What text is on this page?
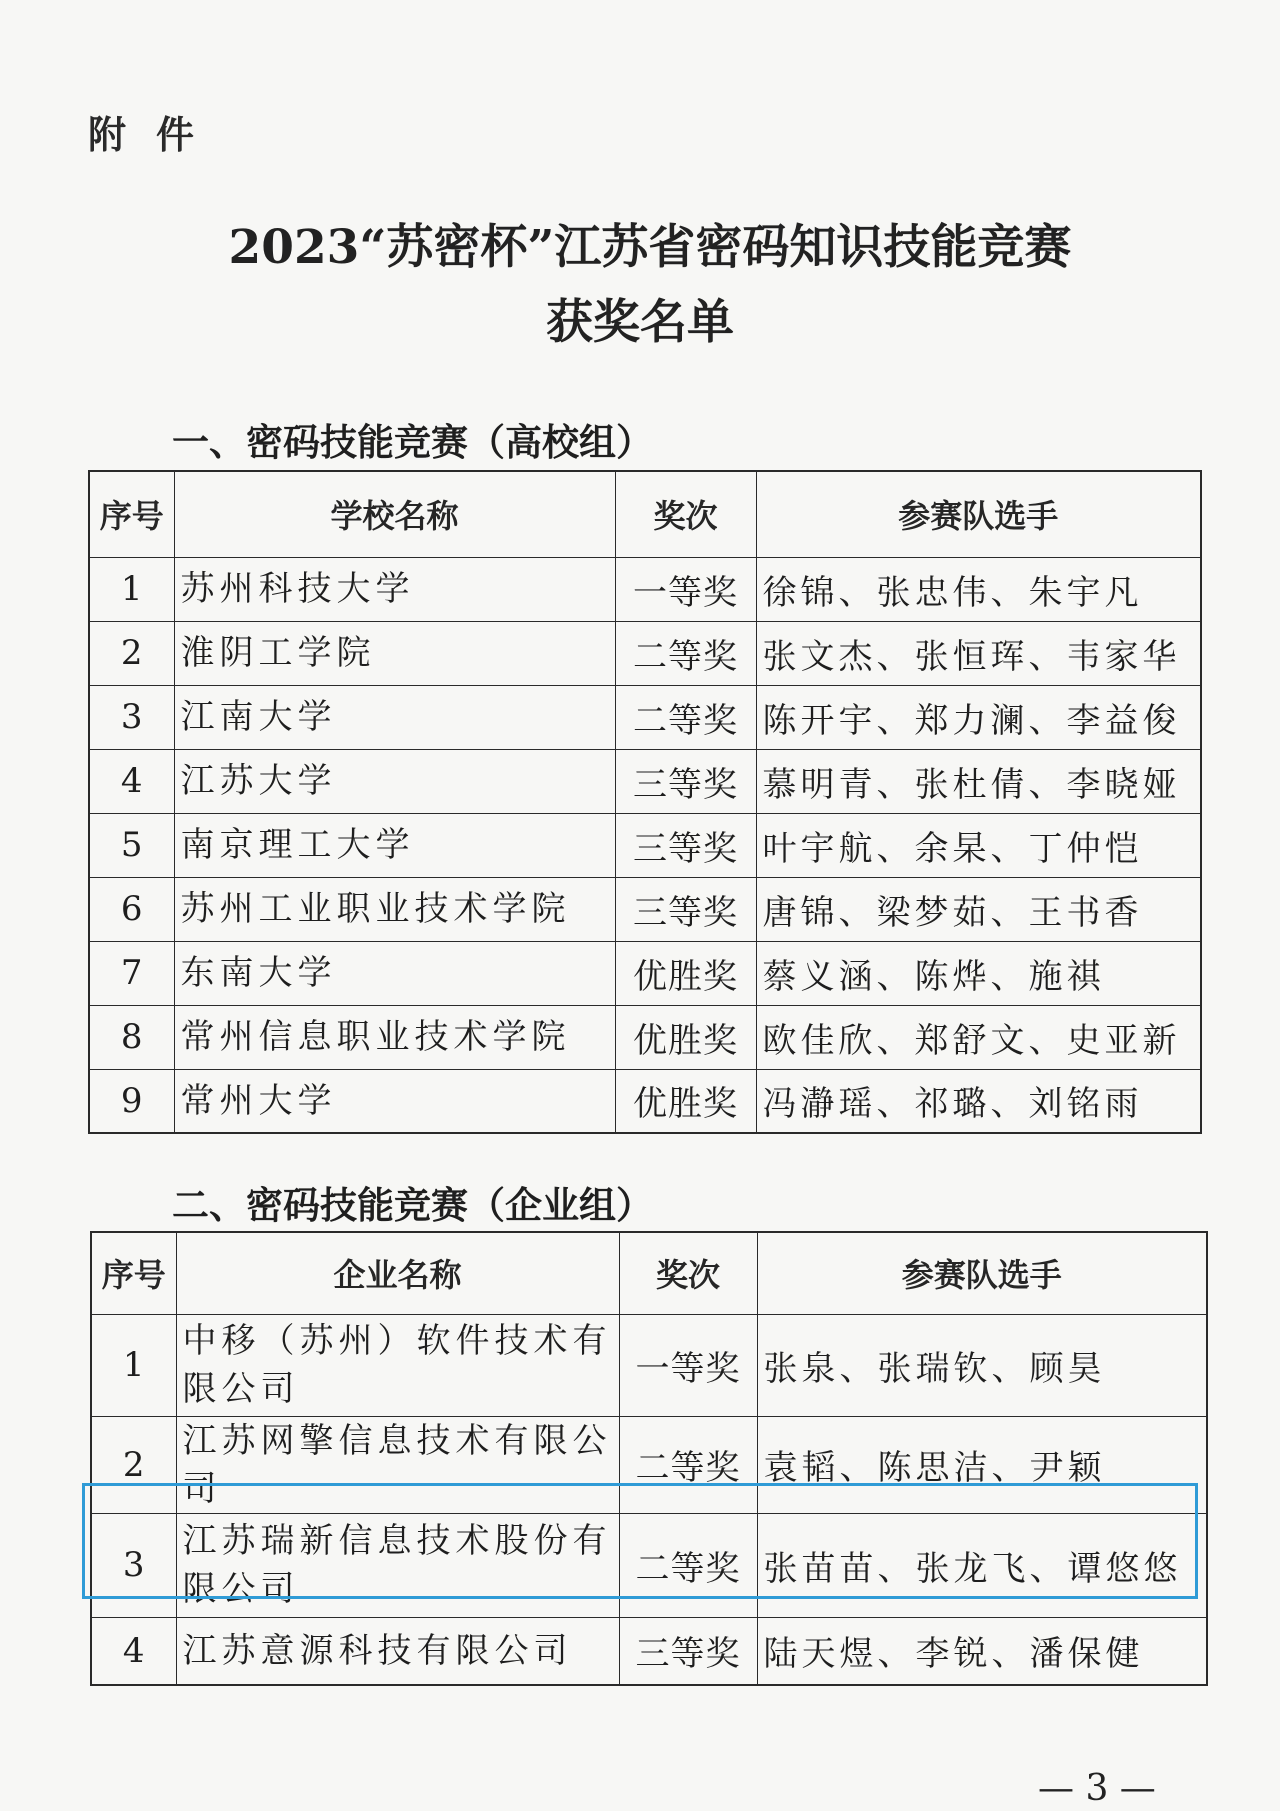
附件
2023“苏密杯”江苏省密码知识技能竞赛
获奖名单
一、密码技能竞赛（高校组）
序号	学校名称	奖次	参赛队选手
1	苏州科技大学	一等奖	徐锦、张忠伟、朱宇凡
2	淮阴工学院	二等奖	张文杰、张恒珲、韦家华
3	江南大学	二等奖	陈开宇、郑力澜、李益俊
4	江苏大学	三等奖	慕明青、张杜倩、李晓娅
5	南京理工大学	三等奖	叶宇航、余杲、丁仲恺
6	苏州工业职业技术学院	三等奖	唐锦、梁梦茹、王书香
7	东南大学	优胜奖	蔡义涵、陈烨、施祺
8	常州信息职业技术学院	优胜奖	欧佳欣、郑舒文、史亚新
9	常州大学	优胜奖	冯瀞瑶、祁璐、刘铭雨
二、密码技能竞赛（企业组）
序号	企业名称	奖次	参赛队选手
1	中移（苏州）软件技术有限公司	一等奖	张泉、张瑞钦、顾昊
2	江苏网擎信息技术有限公司	二等奖	袁韬、陈思洁、尹颖
3	江苏瑞新信息技术股份有限公司	二等奖	张苗苗、张龙飞、谭悠悠
4	江苏意源科技有限公司	三等奖	陆天煜、李锐、潘保健
— 3 —
